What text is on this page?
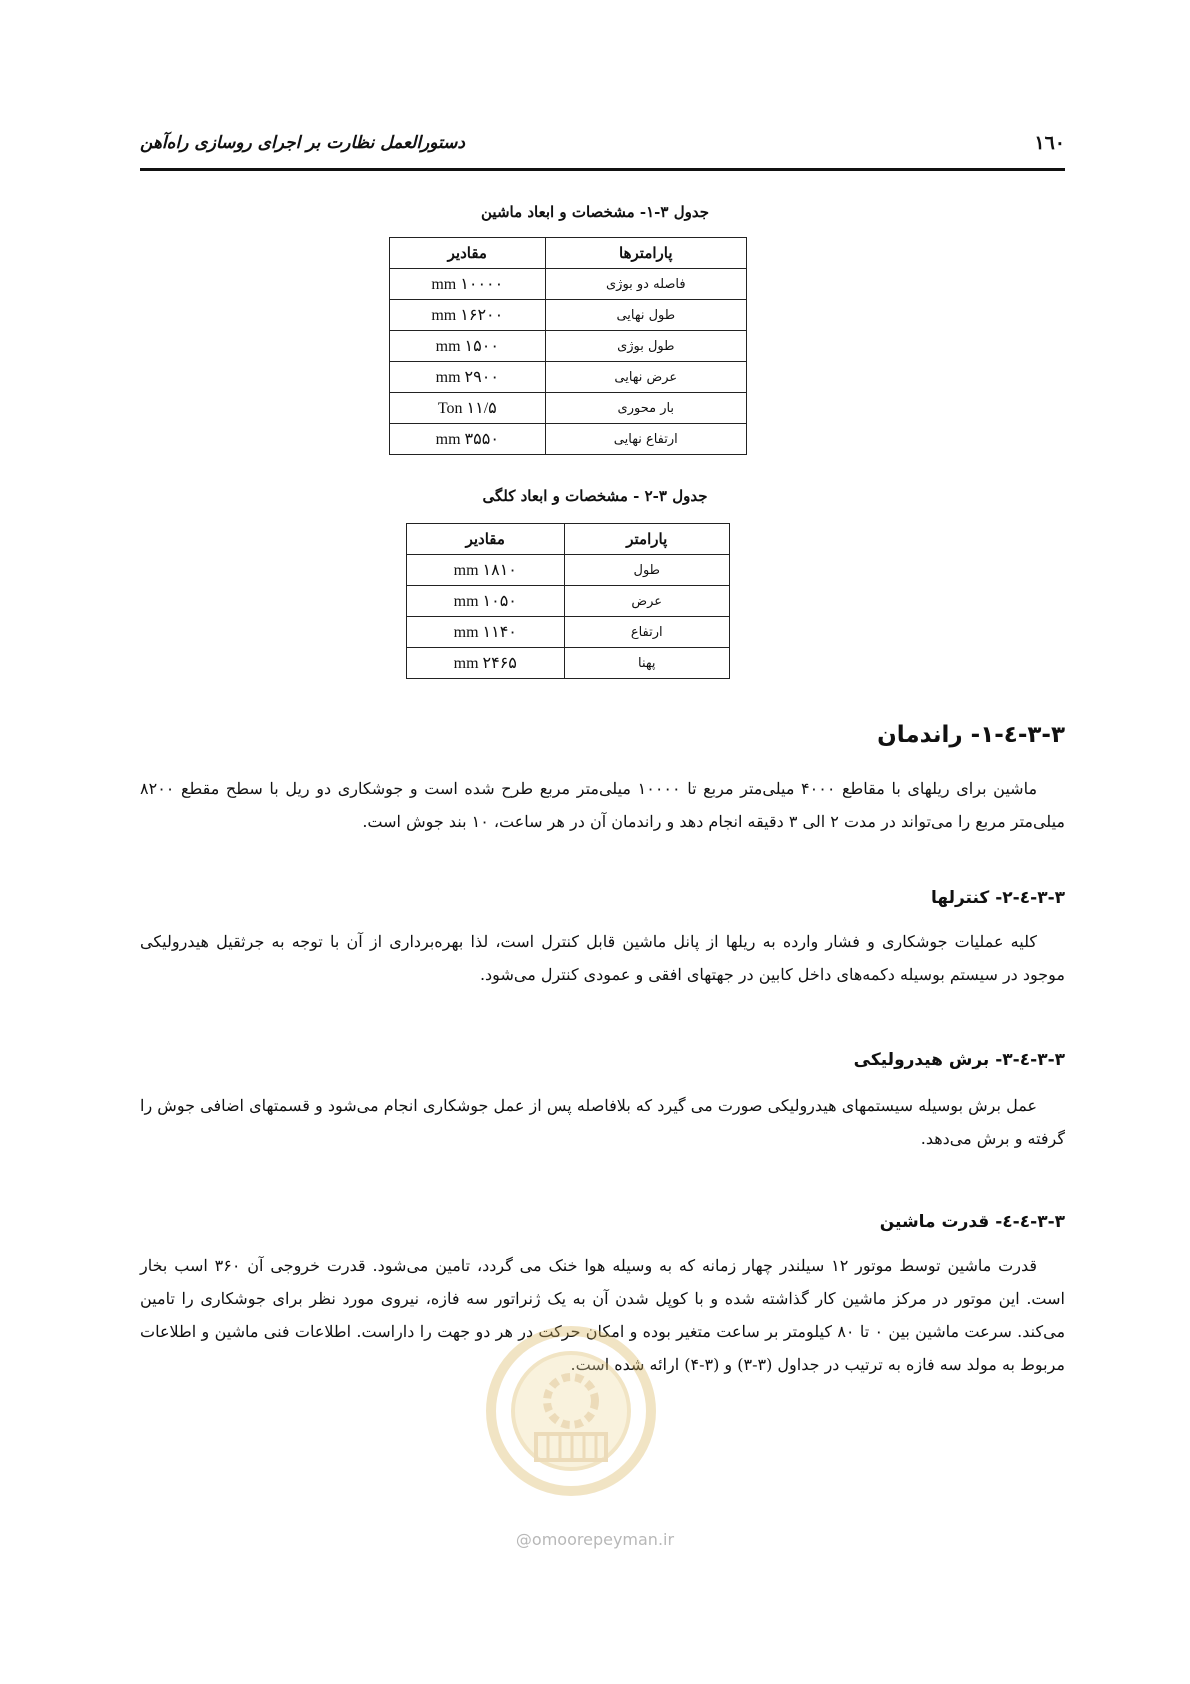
۱٦۰
دستورالعمل نظارت بر اجرای روسازی راه‌آهن
جدول ۳-۱- مشخصات و ابعاد ماشین
پارامترها	مقادیر
فاصله دو بوژی	۱۰۰۰۰ mm
طول نهایی	۱۶۲۰۰ mm
طول بوژی	۱۵۰۰ mm
عرض نهایی	۲۹۰۰ mm
بار محوری	۱۱/۵ Ton
ارتفاع نهایی	۳۵۵۰ mm
جدول ۳-۲ - مشخصات و ابعاد کلگی
پارامتر	مقادیر
طول	۱۸۱۰ mm
عرض	۱۰۵۰ mm
ارتفاع	۱۱۴۰ mm
پهنا	۲۴۶۵ mm
۳-۳-٤-۱- راندمان
ماشین برای ریلهای با مقاطع ۴۰۰۰ میلی‌متر مربع تا ۱۰۰۰۰ میلی‌متر مربع طرح شده است و جوشکاری دو ریل با سطح مقطع ۸۲۰۰ میلی‌متر مربع را می‌تواند در مدت ۲ الی ۳ دقیقه انجام دهد و راندمان آن در هر ساعت، ۱۰ بند جوش است.
۳-۳-٤-۲- کنترلها
کلیه عملیات جوشکاری و فشار وارده به ریلها از پانل ماشین قابل کنترل است، لذا بهره‌برداری از آن با توجه به جرثقیل هیدرولیکی موجود در سیستم بوسیله دکمه‌های داخل کابین در جهتهای افقی و عمودی کنترل می‌شود.
۳-۳-٤-۳- برش هیدرولیکی
عمل برش بوسیله سیستمهای هیدرولیکی صورت می گیرد که بلافاصله پس از عمل جوشکاری انجام می‌شود و قسمتهای اضافی جوش را گرفته و برش می‌دهد.
۳-۳-٤-٤- قدرت ماشین
قدرت ماشین توسط موتور ۱۲ سیلندر چهار زمانه که به وسیله هوا خنک می گردد، تامین می‌شود. قدرت خروجی آن ۳۶۰ اسب بخار است. این موتور در مرکز ماشین کار گذاشته شده و با کوپل شدن آن به یک ژنراتور سه فازه، نیروی مورد نظر برای جوشکاری را تامین می‌کند. سرعت ماشین بین ۰ تا ۸۰ کیلومتر بر ساعت متغیر بوده و امکان حرکت در هر دو جهت را داراست. اطلاعات فنی ماشین و اطلاعات مربوط به مولد سه فازه به ترتیب در جداول (۳-۳) و (۳-۴) ارائه شده است.
@omoorepeyman.ir
